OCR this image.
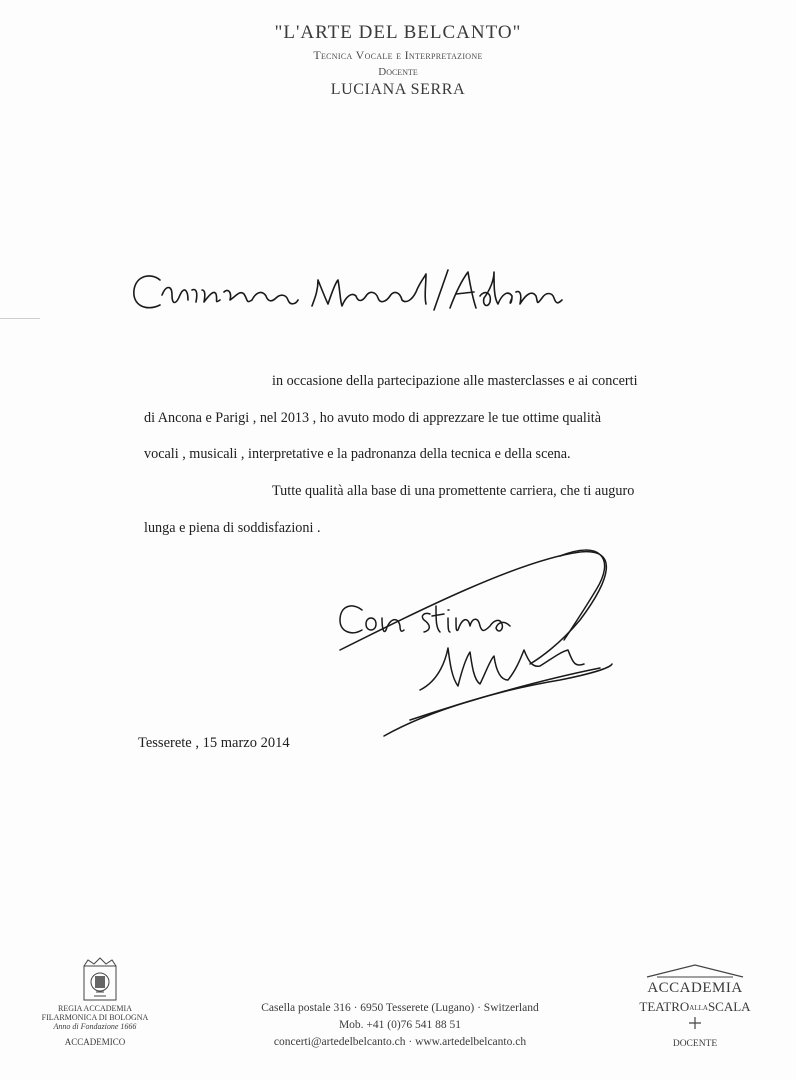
"L'ARTE DEL BELCANTO"
Tecnica Vocale e Interpretazione
Docente
LUCIANA SERRA
in occasione della partecipazione alle masterclasses e ai concerti
di Ancona e Parigi , nel 2013 , ho avuto modo di apprezzare le tue ottime qualità
vocali , musicali , interpretative e la padronanza della tecnica e della scena.
Tutte qualità alla base di una promettente carriera, che ti auguro
lunga e piena di soddisfazioni .
Tesserete , 15 marzo 2014
REGIA ACCADEMIA
FILARMONICA DI BOLOGNA
Anno di Fondazione 1666
ACCADEMICO
Casella postale 316 · 6950 Tesserete (Lugano) · Switzerland
Mob. +41 (0)76 541 88 51
concerti@artedelbelcanto.ch · www.artedelbelcanto.ch
ACCADEMIA
TEATROALLASCALA
DOCENTE
